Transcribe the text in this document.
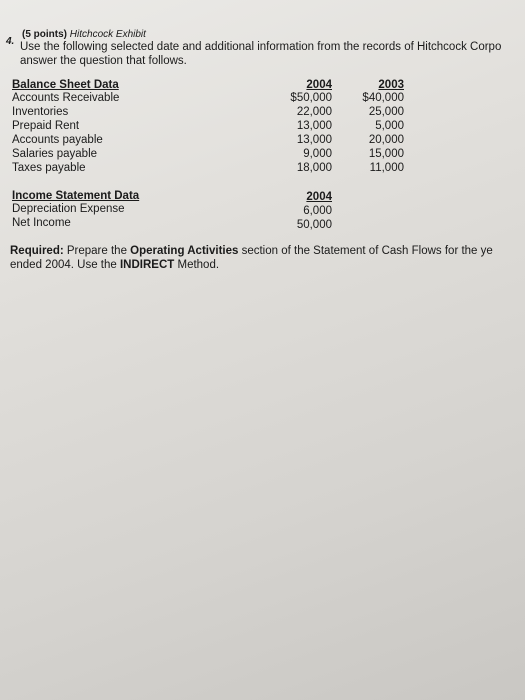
4.
(5 points) Hitchcock Exhibit
Use the following selected date and additional information from the records of Hitchcock Corpo
answer the question that follows.
Balance Sheet Data	2004	2003
Accounts Receivable	$50,000	$40,000
Inventories	22,000	25,000
Prepaid Rent	13,000	5,000
Accounts payable	13,000	20,000
Salaries payable	9,000	15,000
Taxes payable	18,000	11,000
Income Statement Data	2004
Depreciation Expense	6,000
Net Income	50,000
Required: Prepare the Operating Activities section of the Statement of Cash Flows for the ye
ended 2004. Use the INDIRECT Method.
